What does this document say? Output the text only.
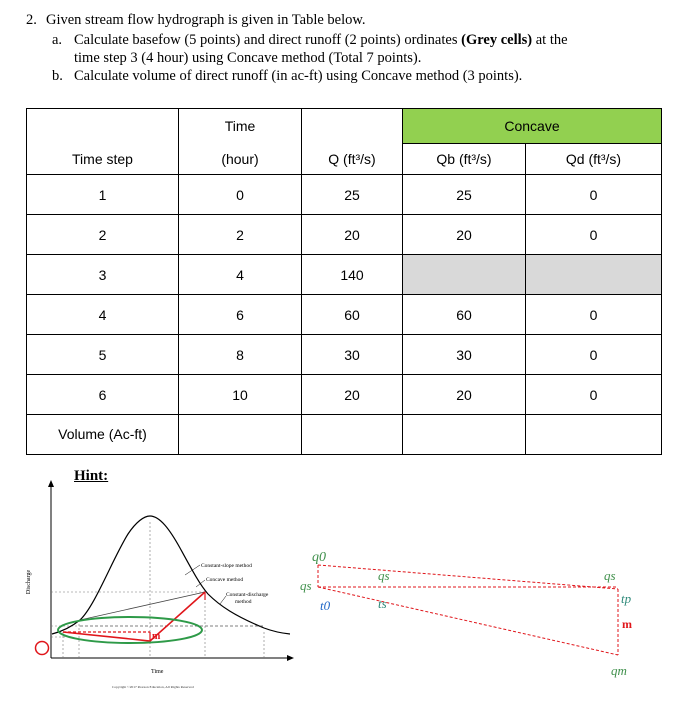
2. Given stream flow hydrograph is given in Table below.
a. Calculate basefow (5 points) and direct runoff (2 points) ordinates (Grey cells) at the
time step 3 (4 hour) using Concave method (Total 7 points).
b. Calculate volume of direct runoff (in ac-ft) using Concave method (3 points).
	Time		Concave	
Time step	(hour)	Q (ft³/s)	Qb (ft³/s)	Qd (ft³/s)
1	0	25	25	0
2	2	20	20	0
3	4	140		
4	6	60	60	0
5	8	30	30	0
6	10	20	20	0
Volume (Ac-ft)				
Hint:
Discharge
m
Constant-slope method
Concave method
Constant-discharge
method
Time
Copyright ©2017 Pearson Education, All Rights Reserved
q0
qs
t0
qs
ts
qs
tp
m
qm
